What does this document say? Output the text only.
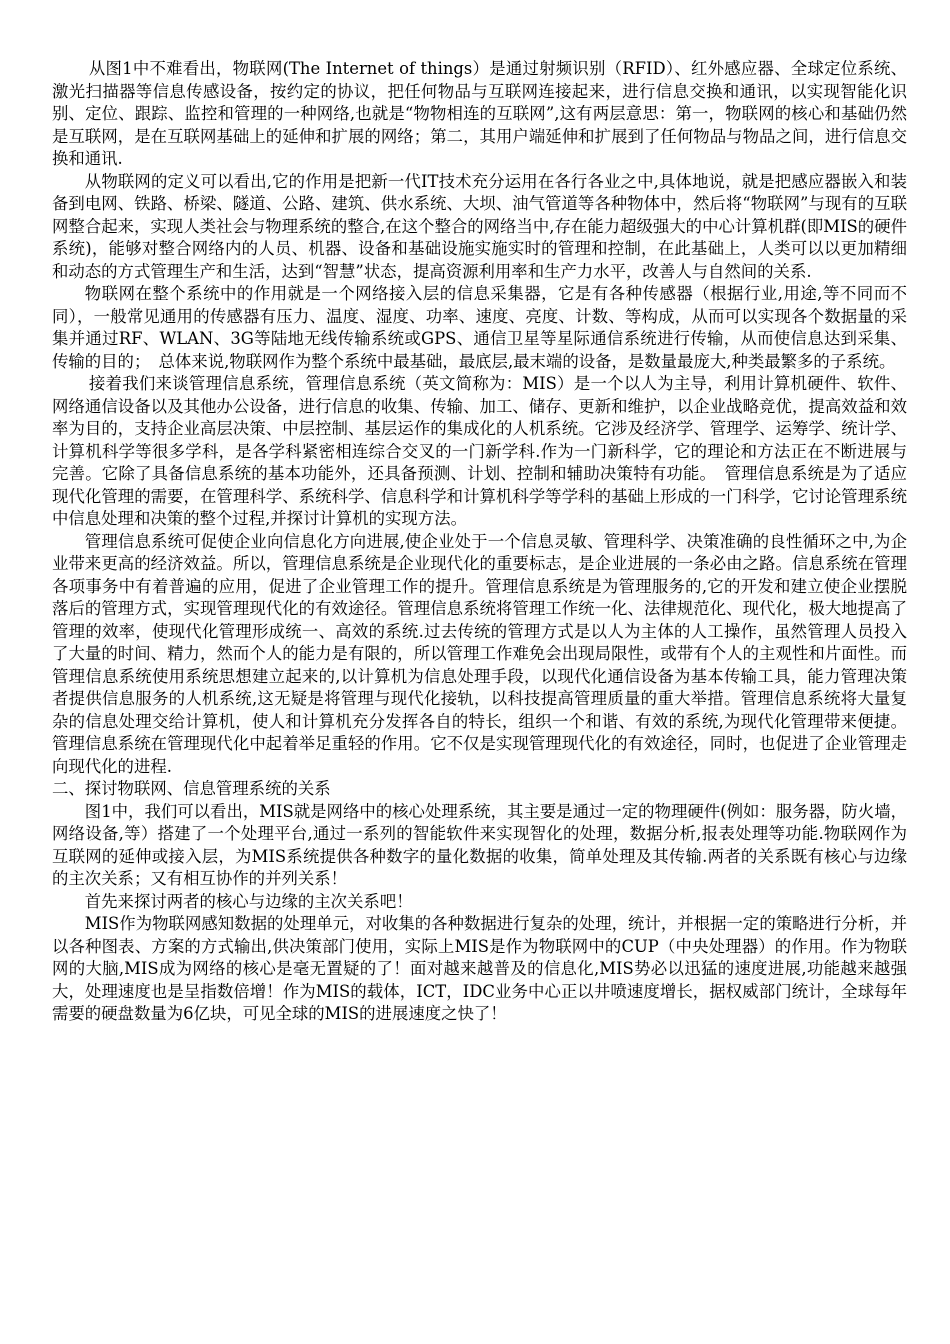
从图1中不难看出，物联网(The Internet of things）是通过射频识别（RFID）、红外感应器、全球定位系统、激光扫描器等信息传感设备，按约定的协议，把任何物品与互联网连接起来，进行信息交换和通讯，以实现智能化识别、定位、跟踪、监控和管理的一种网络,也就是“物物相连的互联网”,这有两层意思：第一，物联网的核心和基础仍然是互联网，是在互联网基础上的延伸和扩展的网络；第二，其用户端延伸和扩展到了任何物品与物品之间，进行信息交换和通讯.

从物联网的定义可以看出,它的作用是把新一代IT技术充分运用在各行各业之中,具体地说，就是把感应器嵌入和装备到电网、铁路、桥梁、隧道、公路、建筑、供水系统、大坝、油气管道等各种物体中，然后将“物联网”与现有的互联网整合起来，实现人类社会与物理系统的整合,在这个整合的网络当中,存在能力超级强大的中心计算机群(即MIS的硬件系统)，能够对整合网络内的人员、机器、设备和基础设施实施实时的管理和控制，在此基础上，人类可以以更加精细和动态的方式管理生产和生活，达到“智慧”状态，提高资源利用率和生产力水平，改善人与自然间的关系.

物联网在整个系统中的作用就是一个网络接入层的信息采集器，它是有各种传感器（根据行业,用途,等不同而不同），一般常见通用的传感器有压力、温度、湿度、功率、速度、亮度、计数、等构成，从而可以实现各个数据量的采集并通过RF、WLAN、3G等陆地无线传输系统或GPS、通信卫星等星际通信系统进行传输，从而使信息达到采集、传输的目的；　总体来说,物联网作为整个系统中最基础，最底层,最末端的设备，是数量最庞大,种类最繁多的子系统。

接着我们来谈管理信息系统，管理信息系统（英文简称为：MIS）是一个以人为主导，利用计算机硬件、软件、网络通信设备以及其他办公设备，进行信息的收集、传输、加工、储存、更新和维护，以企业战略竞优，提高效益和效率为目的，支持企业高层决策、中层控制、基层运作的集成化的人机系统。它涉及经济学、管理学、运筹学、统计学、计算机科学等很多学科，是各学科紧密相连综合交叉的一门新学科.作为一门新科学，它的理论和方法正在不断进展与完善。它除了具备信息系统的基本功能外，还具备预测、计划、控制和辅助决策特有功能。　管理信息系统是为了适应现代化管理的需要，在管理科学、系统科学、信息科学和计算机科学等学科的基础上形成的一门科学，它讨论管理系统中信息处理和决策的整个过程,并探讨计算机的实现方法。

管理信息系统可促使企业向信息化方向进展,使企业处于一个信息灵敏、管理科学、决策准确的良性循环之中,为企业带来更高的经济效益。所以，管理信息系统是企业现代化的重要标志，是企业进展的一条必由之路。信息系统在管理各项事务中有着普遍的应用，促进了企业管理工作的提升。管理信息系统是为管理服务的,它的开发和建立使企业摆脱落后的管理方式，实现管理现代化的有效途径。管理信息系统将管理工作统一化、法律规范化、现代化，极大地提高了管理的效率，使现代化管理形成统一、高效的系统.过去传统的管理方式是以人为主体的人工操作，虽然管理人员投入了大量的时间、精力，然而个人的能力是有限的，所以管理工作难免会出现局限性，或带有个人的主观性和片面性。而管理信息系统使用系统思想建立起来的,以计算机为信息处理手段，以现代化通信设备为基本传输工具，能力管理决策者提供信息服务的人机系统,这无疑是将管理与现代化接轨，以科技提高管理质量的重大举措。管理信息系统将大量复杂的信息处理交给计算机，使人和计算机充分发挥各自的特长，组织一个和谐、有效的系统,为现代化管理带来便捷。管理信息系统在管理现代化中起着举足重轻的作用。它不仅是实现管理现代化的有效途径，同时，也促进了企业管理走向现代化的进程.

二、探讨物联网、信息管理系统的关系

图1中，我们可以看出，MIS就是网络中的核心处理系统，其主要是通过一定的物理硬件(例如：服务器，防火墙，网络设备,等）搭建了一个处理平台,通过一系列的智能软件来实现智化的处理，数据分析,报表处理等功能.物联网作为互联网的延伸或接入层，为MIS系统提供各种数字的量化数据的收集，简单处理及其传输.两者的关系既有核心与边缘的主次关系；又有相互协作的并列关系！

首先来探讨两者的核心与边缘的主次关系吧！

MIS作为物联网感知数据的处理单元，对收集的各种数据进行复杂的处理，统计，并根据一定的策略进行分析，并以各种图表、方案的方式输出,供决策部门使用，实际上MIS是作为物联网中的CUP（中央处理器）的作用。作为物联网的大脑,MIS成为网络的核心是毫无置疑的了！面对越来越普及的信息化,MIS势必以迅猛的速度进展,功能越来越强大，处理速度也是呈指数倍增！作为MIS的载体，ICT，IDC业务中心正以井喷速度增长，据权威部门统计，全球每年需要的硬盘数量为6亿块，可见全球的MIS的进展速度之快了！
